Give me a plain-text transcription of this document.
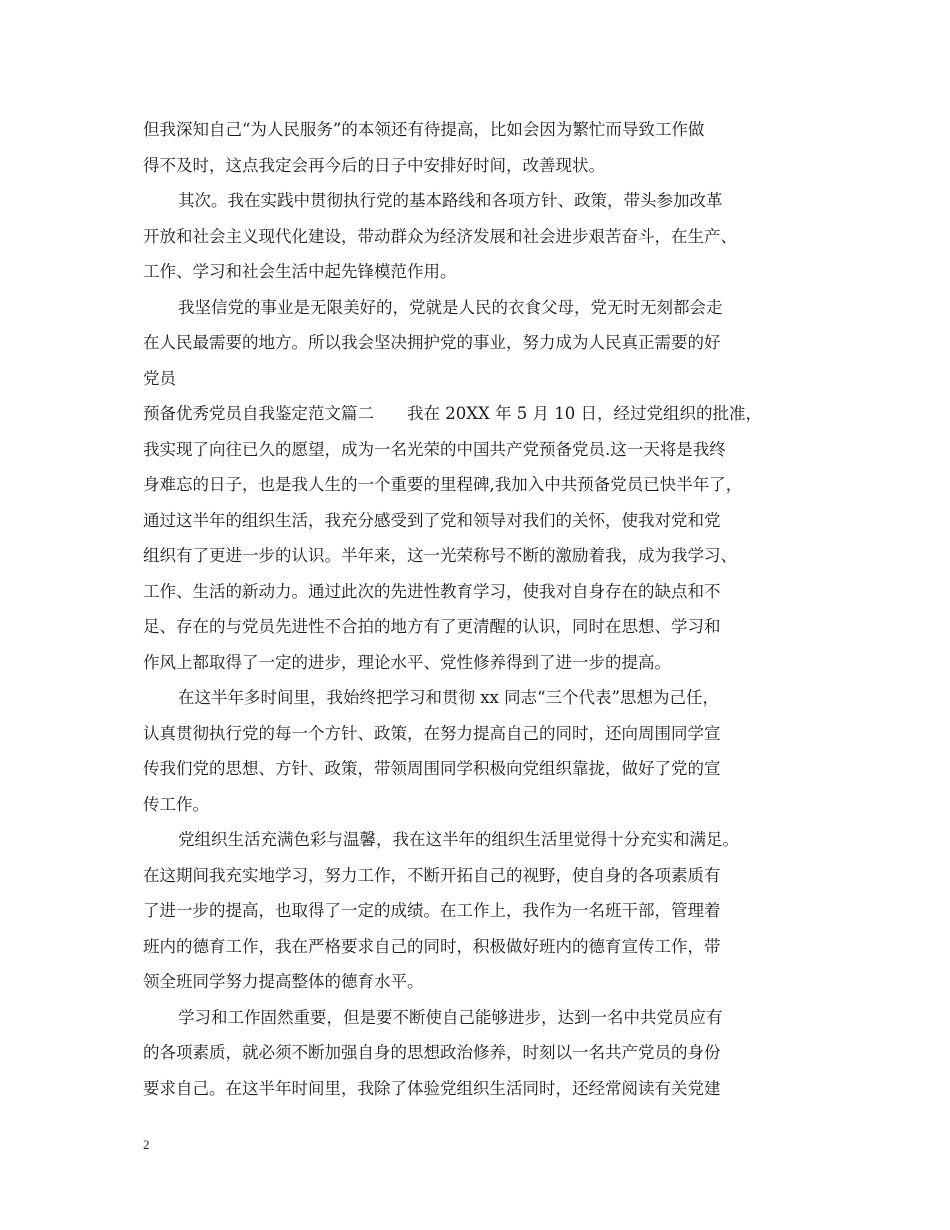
但我深知自己“为人民服务”的本领还有待提高，比如会因为繁忙而导致工作做
得不及时，这点我定会再今后的日子中安排好时间，改善现状。
其次。我在实践中贯彻执行党的基本路线和各项方针、政策，带头参加改革
开放和社会主义现代化建设，带动群众为经济发展和社会进步艰苦奋斗，在生产、
工作、学习和社会生活中起先锋模范作用。
我坚信党的事业是无限美好的，党就是人民的衣食父母，党无时无刻都会走
在人民最需要的地方。所以我会坚决拥护党的事业，努力成为人民真正需要的好
党员
预备优秀党员自我鉴定范文篇二　　我在 20XX 年 5 月 10 日，经过党组织的批准，
我实现了向往已久的愿望，成为一名光荣的中国共产党预备党员.这一天将是我终
身难忘的日子，也是我人生的一个重要的里程碑,我加入中共预备党员已快半年了，
通过这半年的组织生活，我充分感受到了党和领导对我们的关怀，使我对党和党
组织有了更进一步的认识。半年来，这一光荣称号不断的激励着我，成为我学习、
工作、生活的新动力。通过此次的先进性教育学习，使我对自身存在的缺点和不
足、存在的与党员先进性不合拍的地方有了更清醒的认识，同时在思想、学习和
作风上都取得了一定的进步，理论水平、党性修养得到了进一步的提高。
在这半年多时间里，我始终把学习和贯彻 xx 同志“三个代表”思想为己任，
认真贯彻执行党的每一个方针、政策，在努力提高自己的同时，还向周围同学宣
传我们党的思想、方针、政策，带领周围同学积极向党组织靠拢，做好了党的宣
传工作。
党组织生活充满色彩与温馨，我在这半年的组织生活里觉得十分充实和满足。
在这期间我充实地学习，努力工作，不断开拓自己的视野，使自身的各项素质有
了进一步的提高，也取得了一定的成绩。在工作上，我作为一名班干部，管理着
班内的德育工作，我在严格要求自己的同时，积极做好班内的德育宣传工作，带
领全班同学努力提高整体的德育水平。
学习和工作固然重要，但是要不断使自己能够进步，达到一名中共党员应有
的各项素质，就必须不断加强自身的思想政治修养，时刻以一名共产党员的身份
要求自己。在这半年时间里，我除了体验党组织生活同时，还经常阅读有关党建
2
